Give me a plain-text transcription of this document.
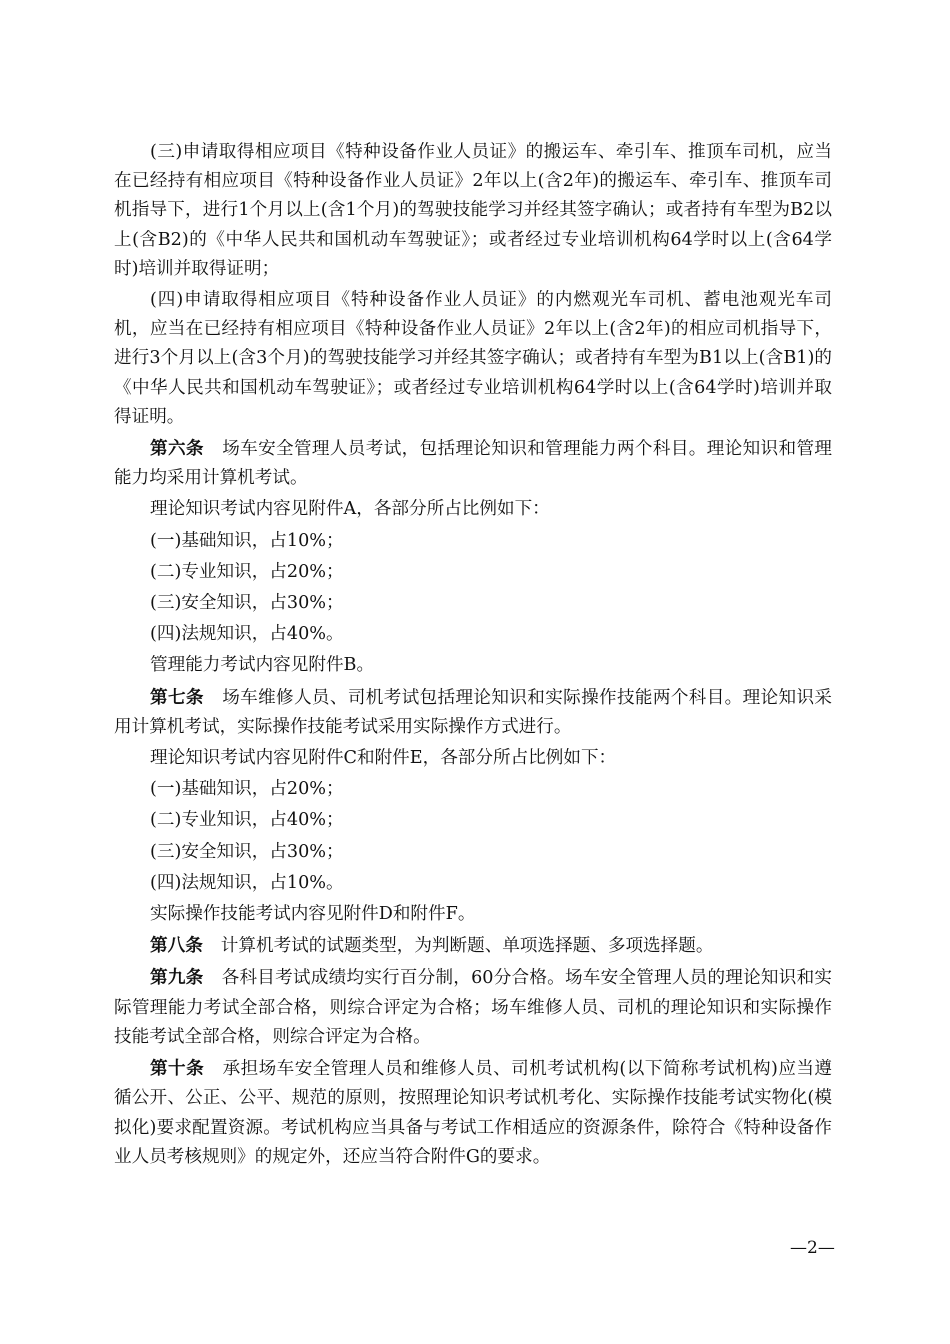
(三)申请取得相应项目《特种设备作业人员证》的搬运车、牵引车、推顶车司机，应当在已经持有相应项目《特种设备作业人员证》2年以上(含2年)的搬运车、牵引车、推顶车司机指导下，进行1个月以上(含1个月)的驾驶技能学习并经其签字确认；或者持有车型为B2以上(含B2)的《中华人民共和国机动车驾驶证》；或者经过专业培训机构64学时以上(含64学时)培训并取得证明；

(四)申请取得相应项目《特种设备作业人员证》的内燃观光车司机、蓄电池观光车司机，应当在已经持有相应项目《特种设备作业人员证》2年以上(含2年)的相应司机指导下，进行3个月以上(含3个月)的驾驶技能学习并经其签字确认；或者持有车型为B1以上(含B1)的《中华人民共和国机动车驾驶证》；或者经过专业培训机构64学时以上(含64学时)培训并取得证明。

第六条 场车安全管理人员考试，包括理论知识和管理能力两个科目。理论知识和管理能力均采用计算机考试。

理论知识考试内容见附件A，各部分所占比例如下：

(一)基础知识，占10%；

(二)专业知识，占20%；

(三)安全知识，占30%；

(四)法规知识，占40%。

管理能力考试内容见附件B。

第七条 场车维修人员、司机考试包括理论知识和实际操作技能两个科目。理论知识采用计算机考试，实际操作技能考试采用实际操作方式进行。

理论知识考试内容见附件C和附件E，各部分所占比例如下：

(一)基础知识，占20%；

(二)专业知识，占40%；

(三)安全知识，占30%；

(四)法规知识，占10%。

实际操作技能考试内容见附件D和附件F。

第八条 计算机考试的试题类型，为判断题、单项选择题、多项选择题。

第九条 各科目考试成绩均实行百分制，60分合格。场车安全管理人员的理论知识和实际管理能力考试全部合格，则综合评定为合格；场车维修人员、司机的理论知识和实际操作技能考试全部合格，则综合评定为合格。

第十条 承担场车安全管理人员和维修人员、司机考试机构(以下简称考试机构)应当遵循公开、公正、公平、规范的原则，按照理论知识考试机考化、实际操作技能考试实物化(模拟化)要求配置资源。考试机构应当具备与考试工作相适应的资源条件，除符合《特种设备作业人员考核规则》的规定外，还应当符合附件G的要求。

—2—
